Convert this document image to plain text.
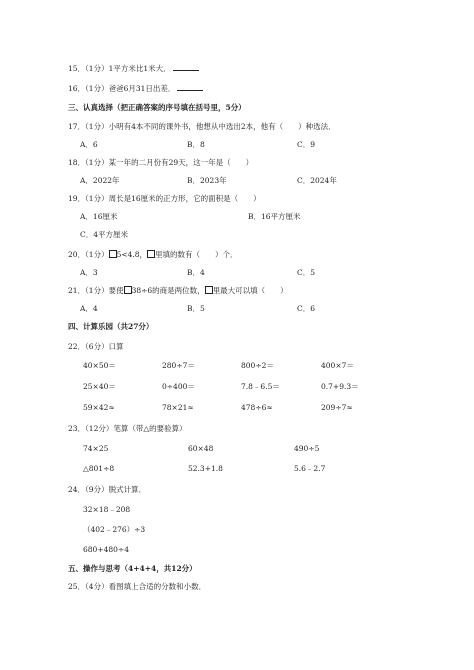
15．（1分）1平方米比1米大．
16．（1分）爸爸6月31日出差．
三、认真选择（把正确答案的序号填在括号里，5分）
17．（1分）小明有4本不同的课外书，他想从中选出2本，他有（　　）种选法．
A．6	B．8	C．9
18．（1分）某一年的二月份有29天，这一年是（　　）
A．2022年	B．2023年	C．2024年
19．（1分）周长是16厘米的正方形，它的面积是（　　）
A．16厘米	B．16平方厘米
C．4平方厘米
20．（1分） 5<4.8， 里填的数有（　　）个．
A．3	B．4	C．5
21．（1分）要使 38÷6的商是两位数， 里最大可以填（　　）
A．4	B．5	C．6
四、计算乐园（共27分）
22．（6分）口算
40×50＝	280÷7＝	800÷2＝	400×7＝
25×40＝	0÷400＝	7.8﹣6.5＝	0.7+9.3＝
59×42≈	78×21≈	478÷6≈	209÷7≈
23．（12分）笔算（带△的要验算）
74×25	60×48	490÷5
△801÷8	52.3+1.8	5.6﹣2.7
24．（9分）脱式计算．
32×18﹣208
（402﹣276）÷3
680+480÷4
五、操作与思考（4+4+4，共12分）
25．（4分）看图填上合适的分数和小数．
